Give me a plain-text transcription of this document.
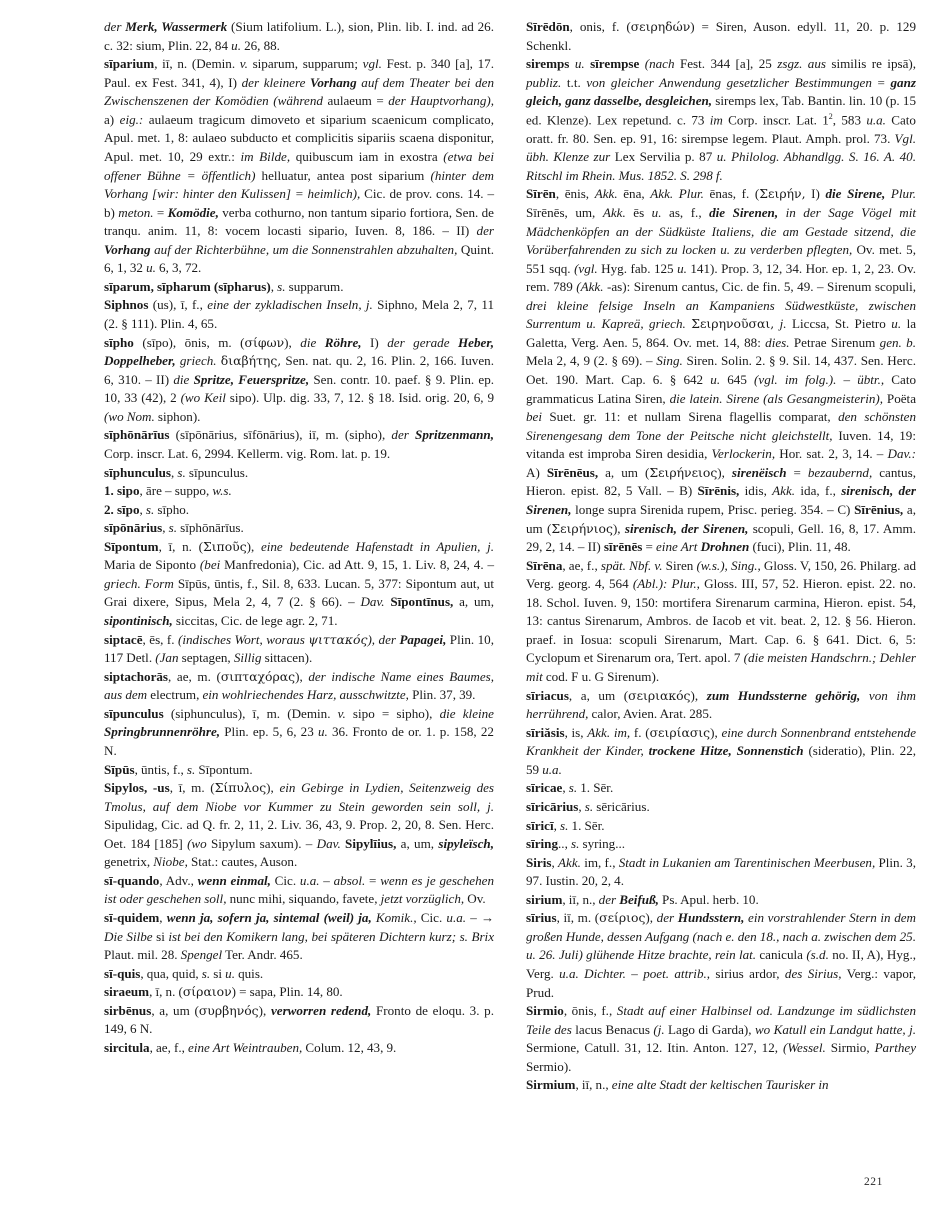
der Merk, Wassermerk (Sium latifolium. L.), sion, Plin. lib. I. ind. ad 26. c. 32: sium, Plin. 22, 84 u. 26, 88.

sīparium, iī, n. (Demin. v. siparum, supparum; vgl. Fest. p. 340 [a], 17. Paul. ex Fest. 341, 4), I) der kleinere Vorhang auf dem Theater bei den Zwischenszenen der Komödien (während aulaeum = der Hauptvorhang), a) eig.: aulaeum tragicum dimoveto et siparium scaenicum complicato, Apul. met. 1, 8: aulaeo subducto et complicitis sipariis scaena disponitur, Apul. met. 10, 29 extr.: im Bilde, quibuscum iam in exostra (etwa bei offener Bühne = öffentlich) helluatur, antea post siparium (hinter dem Vorhang [wir: hinter den Kulissen] = heimlich), Cic. de prov. cons. 14. – b) meton. = Komödie, verba cothurno, non tantum sipario fortiora, Sen. de tranqu. anim. 11, 8: vocem locasti sipario, Iuven. 8, 186. – II) der Vorhang auf der Richterbühne, um die Sonnenstrahlen abzuhalten, Quint. 6, 1, 32 u. 6, 3, 72.

sīparum, sīpharum (sīpharus), s. supparum.

Siphnos (us), ī, f., eine der zykladischen Inseln, j. Siphno, Mela 2, 7, 11 (2. § 111). Plin. 4, 65.

sīpho (sīpo), ōnis, m. (σίφων), die Röhre, I) der gerade Heber, Doppelheber, griech. διαβήτης, Sen. nat. qu. 2, 16. Plin. 2, 166. Iuven. 6, 310. – II) die Spritze, Feuerspritze, Sen. contr. 10. paef. § 9. Plin. ep. 10, 33 (42), 2 (wo Keil sipo). Ulp. dig. 33, 7, 12. § 18. Isid. orig. 20, 6, 9 (wo Nom. siphon).

sīphōnārīus (sīpōnārius, sīfōnārius), iī, m. (sipho), der Spritzenmann, Corp. inscr. Lat. 6, 2994. Kellerm. vig. Rom. lat. p. 19.

sīphunculus, s. sīpunculus.

1. sipo, āre – suppo, w.s.

2. sīpo, s. sīpho.

sīpōnārius, s. sīphōnārīus.

Sīpontum, ī, n. (Σιποῦς), eine bedeutende Hafenstadt in Apulien, j. Maria de Siponto (bei Manfredonia), Cic. ad Att. 9, 15, 1. Liv. 8, 24, 4. – griech. Form Sīpūs, ūntis, f., Sil. 8, 633. Lucan. 5, 377: Sipontum aut, ut Grai dixere, Sipus, Mela 2, 4, 7 (2. § 66). – Dav. Sīpontīnus, a, um, sipontinisch, siccitas, Cic. de lege agr. 2, 71.

siptacē, ēs, f. (indisches Wort, woraus ψιττακός), der Papagei, Plin. 10, 117 Detl. (Jan septagen, Sillig sittacen).

siptachorās, ae, m. (σιπταχόρας), der indische Name eines Baumes, aus dem electrum, ein wohlriechendes Harz, ausschwitzte, Plin. 37, 39.

sīpunculus (siphunculus), ī, m. (Demin. v. sipo = sipho), die kleine Springbrunnenröhre, Plin. ep. 5, 6, 23 u. 36. Fronto de or. 1. p. 158, 22 N.

Sīpūs, ūntis, f., s. Sīpontum.

Sipylos, -us, ī, m. (Σίπυλος), ein Gebirge in Lydien, Seitenzweig des Tmolus, auf dem Niobe vor Kummer zu Stein geworden sein soll, j. Sipulidag, Cic. ad Q. fr. 2, 11, 2. Liv. 36, 43, 9. Prop. 2, 20, 8. Sen. Herc. Oet. 184 [185] (wo Sipylum saxum). – Dav. Sipylīius, a, um, sipyleïsch, genetrix, Niobe, Stat.: cautes, Auson.

sī-quando, Adv., wenn einmal, Cic. u.a. – absol. = wenn es je geschehen ist oder geschehen soll, nunc mihi, siquando, favete, jetzt vorzüglich, Ov.

sī-quidem, wenn ja, sofern ja, sintemal (weil) ja, Komik., Cic. u.a. – → Die Silbe si ist bei den Komikern lang, bei späteren Dichtern kurz; s. Brix Plaut. mil. 28. Spengel Ter. Andr. 465.

sī-quis, qua, quid, s. si u. quis.

siraeum, ī, n. (σίραιον) = sapa, Plin. 14, 80.

sirbēnus, a, um (συρβηνός), verworren redend, Fronto de eloqu. 3. p. 149, 6 N.

sircitula, ae, f., eine Art Weintrauben, Colum. 12, 43, 9.

Sīrēdōn, onis, f. (σειρηδών) = Siren, Auson. edyll. 11, 20. p. 129 Schenkl.

siremps u. sīrempse (nach Fest. 344 [a], 25 zsgz. aus similis re ipsā), publiz. t.t. von gleicher Anwendung gesetzlicher Bestimmungen = ganz gleich, ganz dasselbe, desgleichen, siremps lex, Tab. Bantin. lin. 10 (p. 15 ed. Klenze). Lex repetund. c. 73 im Corp. inscr. Lat. $1^2$, 583 u.a. Cato oratt. fr. 80. Sen. ep. 91, 16: sirempse legem. Plaut. Amph. prol. 73. Vgl. übh. Klenze zur Lex Servilia p. 87 u. Philolog. Abhandlgg. S. 16. A. 40. Ritschl im Rhein. Mus. 1852. S. 298 f.

Sīrēn, ēnis, Akk. ēna, Akk. Plur. ēnas, f. (Σειρήν, I) die Sirene, Plur. Sīrēnēs, um, Akk. ēs u. as, f., die Sirenen, in der Sage Vögel mit Mädchenköpfen an der Südküste Italiens, die am Gestade sitzend, die Vorüberfahrenden zu sich zu locken u. zu verderben pflegten, Ov. met. 5, 551 sqq. (vgl. Hyg. fab. 125 u. 141). Prop. 3, 12, 34. Hor. ep. 1, 2, 23. Ov. rem. 789 (Akk. -as): Sirenum cantus, Cic. de fin. 5, 49. – Sirenum scopuli, drei kleine felsige Inseln an Kampaniens Südwestküste, zwischen Surrentum u. Kapreä, griech. Σειρηνοῦσαι, j. Liccsa, St. Pietro u. la Galetta, Verg. Aen. 5, 864. Ov. met. 14, 88: dies. Petrae Sirenum gen. b. Mela 2, 4, 9 (2. § 69). – Sing. Siren. Solin. 2. § 9. Sil. 14, 437. Sen. Herc. Oet. 190. Mart. Cap. 6. § 642 u. 645 (vgl. im folg.). – übtr., Cato grammaticus Latina Siren, die latein. Sirene (als Gesangmeisterin), Poëta bei Suet. gr. 11: et nullam Sirena flagellis comparat, den schönsten Sirenengesang dem Tone der Peitsche nicht gleichstellt, Iuven. 14, 19: vitanda est improba Siren desidia, Verlockerin, Hor. sat. 2, 3, 14. – Dav.: A) Sīrēnēus, a, um (Σειρήνειος), sirenëisch = bezaubernd, cantus, Hieron. epist. 82, 5 Vall. – B) Sīrēnis, idis, Akk. ida, f., sirenisch, der Sirenen, longe supra Sirenida rupem, Prisc. perieg. 354. – C) Sīrēnius, a, um (Σειρήνιος), sirenisch, der Sirenen, scopuli, Gell. 16, 8, 17. Amm. 29, 2, 14. – II) sīrēnēs = eine Art Drohnen (fuci), Plin. 11, 48.

Sīrēna, ae, f., spät. Nbf. v. Siren (w.s.), Sing., Gloss. V, 150, 26. Philarg. ad Verg. georg. 4, 564 (Abl.): Plur., Gloss. III, 57, 52. Hieron. epist. 22. no. 18. Schol. Iuven. 9, 150: mortifera Sirenarum carmina, Hieron. epist. 54, 13: cantus Sirenarum, Ambros. de Iacob et vit. beat. 2, 12. § 56. Hieron. praef. in Iosua: scopuli Sirenarum, Mart. Cap. 6. § 641. Dict. 6, 5: Cyclopum et Sirenarum ora, Tert. apol. 7 (die meisten Handschrn.; Dehler mit cod. F u. G Sirenum).

sīriacus, a, um (σειριακός), zum Hundssterne gehörig, von ihm herrührend, calor, Avien. Arat. 285.

sīriăsis, is, Akk. im, f. (σειρίασις), eine durch Sonnenbrand entstehende Krankheit der Kinder, trockene Hitze, Sonnenstich (sideratio), Plin. 22, 59 u.a.

sīricae, s. 1. Sēr.

sīricārius, s. sēricārius.

sīricī, s. 1. Sēr.

sīring.., s. syring...

Siris, Akk. im, f., Stadt in Lukanien am Tarentinischen Meerbusen, Plin. 3, 97. Iustin. 20, 2, 4.

sirium, iī, n., der Beifuß, Ps. Apul. herb. 10.

sīrius, iī, m. (σείριος), der Hundsstern, ein vorstrahlender Stern in dem großen Hunde, dessen Aufgang (nach e. den 18., nach a. zwischen dem 25. u. 26. Juli) glühende Hitze brachte, rein lat. canicula (s.d. no. II, A), Hyg., Verg. u.a. Dichter. – poet. attrib., sirius ardor, des Sirius, Verg.: vapor, Prud.

Sirmio, ōnis, f., Stadt auf einer Halbinsel od. Landzunge im südlichsten Teile des lacus Benacus (j. Lago di Garda), wo Katull ein Landgut hatte, j. Sermione, Catull. 31, 12. Itin. Anton. 127, 12, (Wessel. Sirmio, Parthey Sermio).

Sirmium, iī, n., eine alte Stadt der keltischen Taurisker in

221
